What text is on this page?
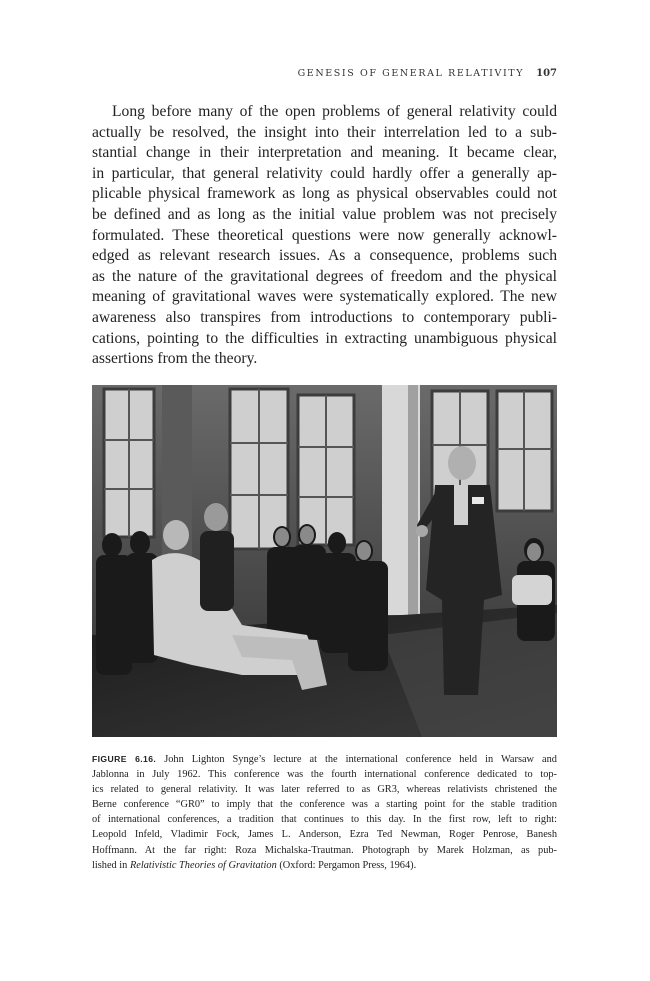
GENESIS OF GENERAL RELATIVITY 107
Long before many of the open problems of general relativity could
actually be resolved, the insight into their interrelation led to a sub-
stantial change in their interpretation and meaning. It became clear,
in particular, that general relativity could hardly offer a generally ap-
plicable physical framework as long as physical observables could not
be defined and as long as the initial value problem was not precisely
formulated. These theoretical questions were now generally acknowl-
edged as relevant research issues. As a consequence, problems such
as the nature of the gravitational degrees of freedom and the physical
meaning of gravitational waves were systematically explored. The new
awareness also transpires from introductions to contemporary publi-
cations, pointing to the difficulties in extracting unambiguous physical
assertions from the theory.
FIGURE 6.16. John Lighton Synge’s lecture at the international conference held in Warsaw and
Jablonna in July 1962. This conference was the fourth international conference dedicated to top-
ics related to general relativity. It was later referred to as GR3, whereas relativists christened the
Berne conference “GR0” to imply that the conference was a starting point for the stable tradition
of international conferences, a tradition that continues to this day. In the first row, left to right:
Leopold Infeld, Vladimir Fock, James L. Anderson, Ezra Ted Newman, Roger Penrose, Banesh
Hoffmann. At the far right: Roza Michalska-Trautman. Photograph by Marek Holzman, as pub-
lished in Relativistic Theories of Gravitation (Oxford: Pergamon Press, 1964).
